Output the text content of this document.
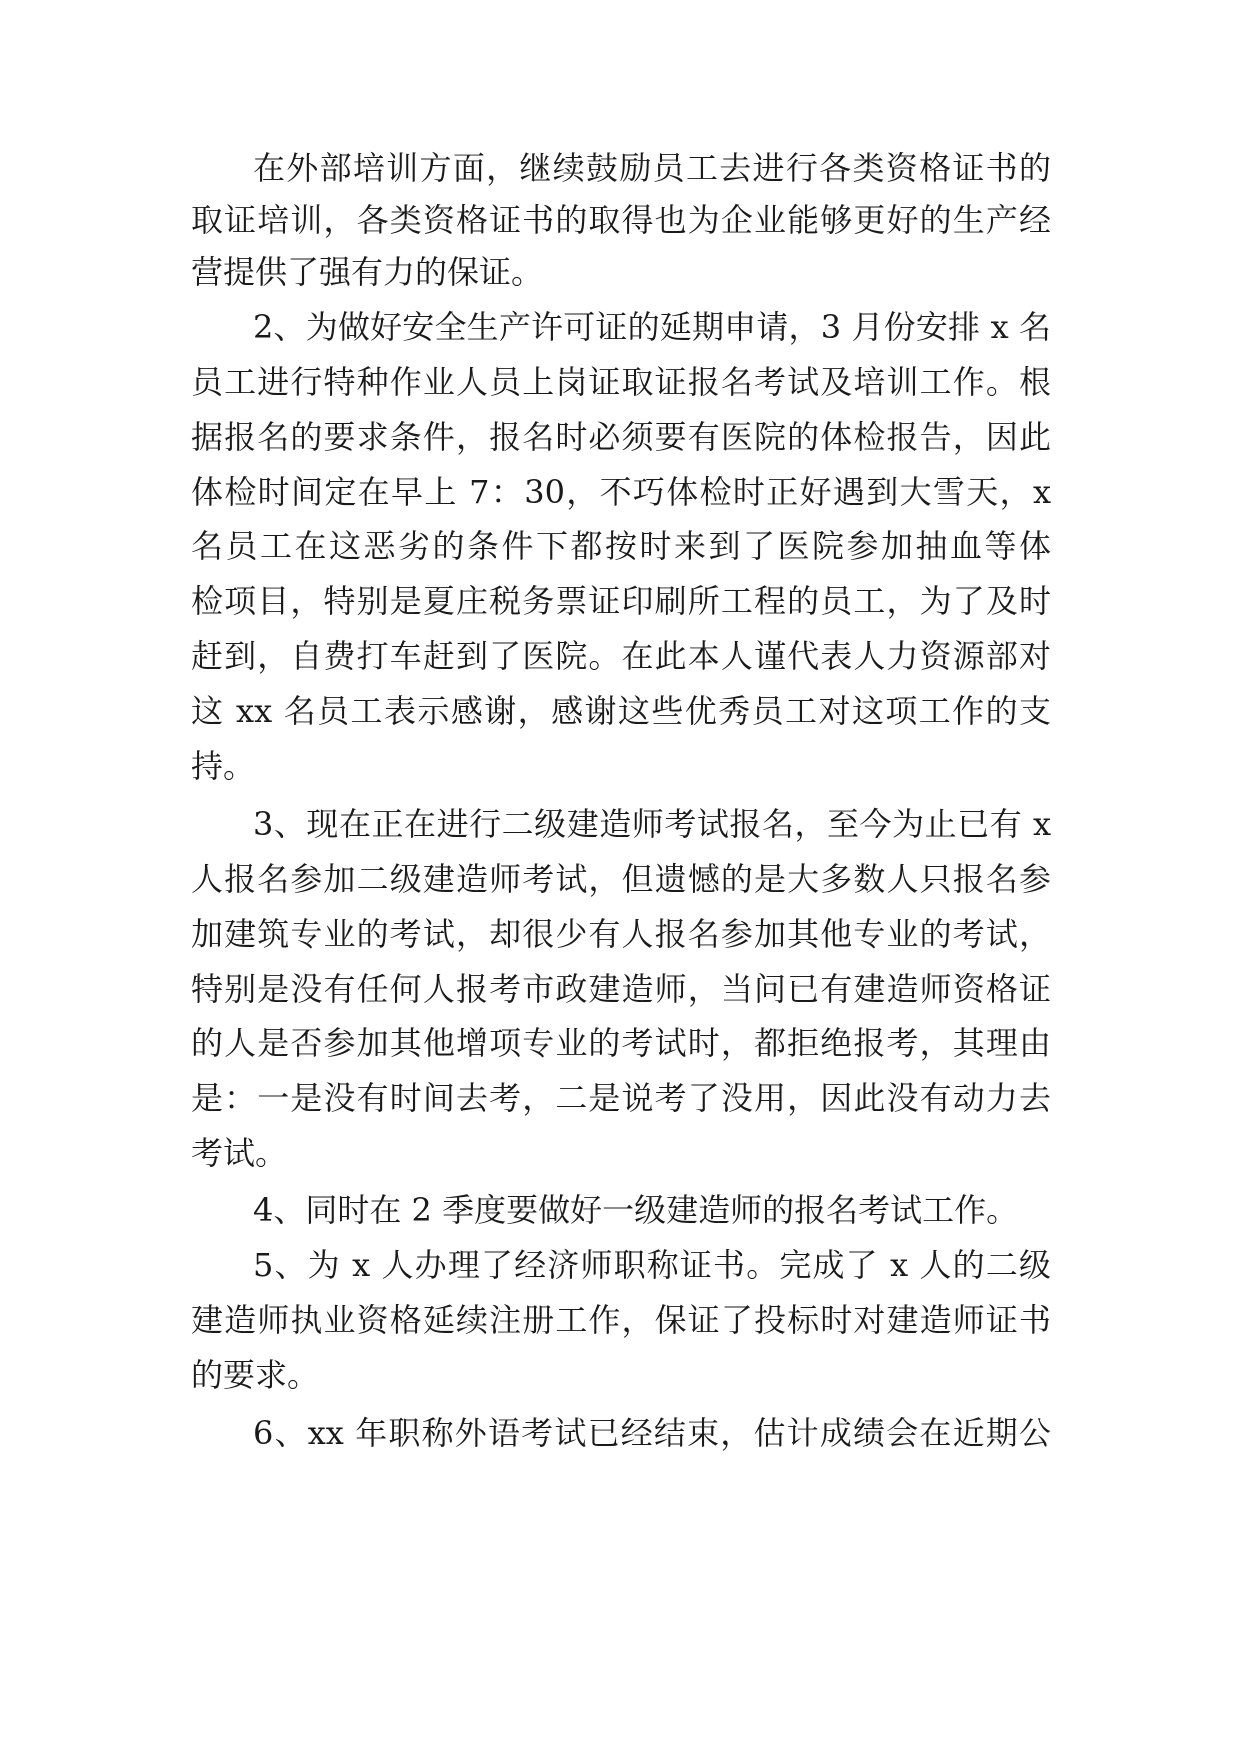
在外部培训方面，继续鼓励员工去进行各类资格证书的
取证培训，各类资格证书的取得也为企业能够更好的生产经
营提供了强有力的保证。
2、为做好安全生产许可证的延期申请，3 月份安排 x 名
员工进行特种作业人员上岗证取证报名考试及培训工作。根
据报名的要求条件，报名时必须要有医院的体检报告，因此
体检时间定在早上 7：30，不巧体检时正好遇到大雪天，x
名员工在这恶劣的条件下都按时来到了医院参加抽血等体
检项目，特别是夏庄税务票证印刷所工程的员工，为了及时
赶到，自费打车赶到了医院。在此本人谨代表人力资源部对
这 xx 名员工表示感谢，感谢这些优秀员工对这项工作的支
持。
3、现在正在进行二级建造师考试报名，至今为止已有 x
人报名参加二级建造师考试，但遗憾的是大多数人只报名参
加建筑专业的考试，却很少有人报名参加其他专业的考试，
特别是没有任何人报考市政建造师，当问已有建造师资格证
的人是否参加其他增项专业的考试时，都拒绝报考，其理由
是：一是没有时间去考，二是说考了没用，因此没有动力去
考试。
4、同时在 2 季度要做好一级建造师的报名考试工作。
5、为 x 人办理了经济师职称证书。完成了 x 人的二级
建造师执业资格延续注册工作，保证了投标时对建造师证书
的要求。
6、xx 年职称外语考试已经结束，估计成绩会在近期公
